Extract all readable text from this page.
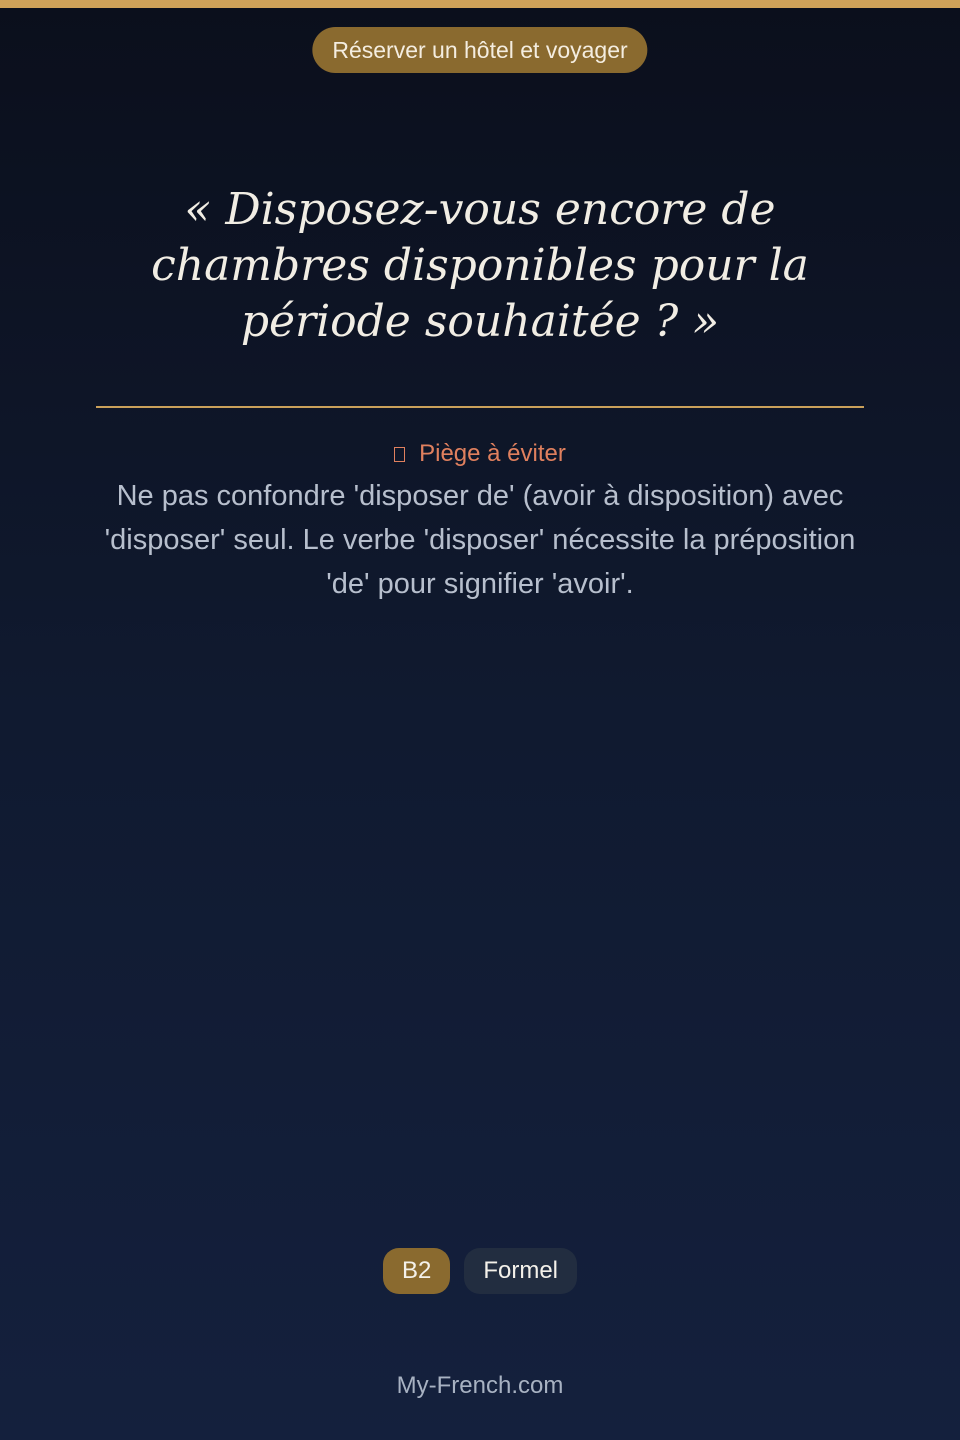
Réserver un hôtel et voyager
« Disposez-vous encore de chambres disponibles pour la période souhaitée ? »
Piège à éviter

Ne pas confondre 'disposer de' (avoir à disposition) avec 'disposer' seul. Le verbe 'disposer' nécessite la préposition 'de' pour signifier 'avoir'.

B2	Formel
My-French.com
